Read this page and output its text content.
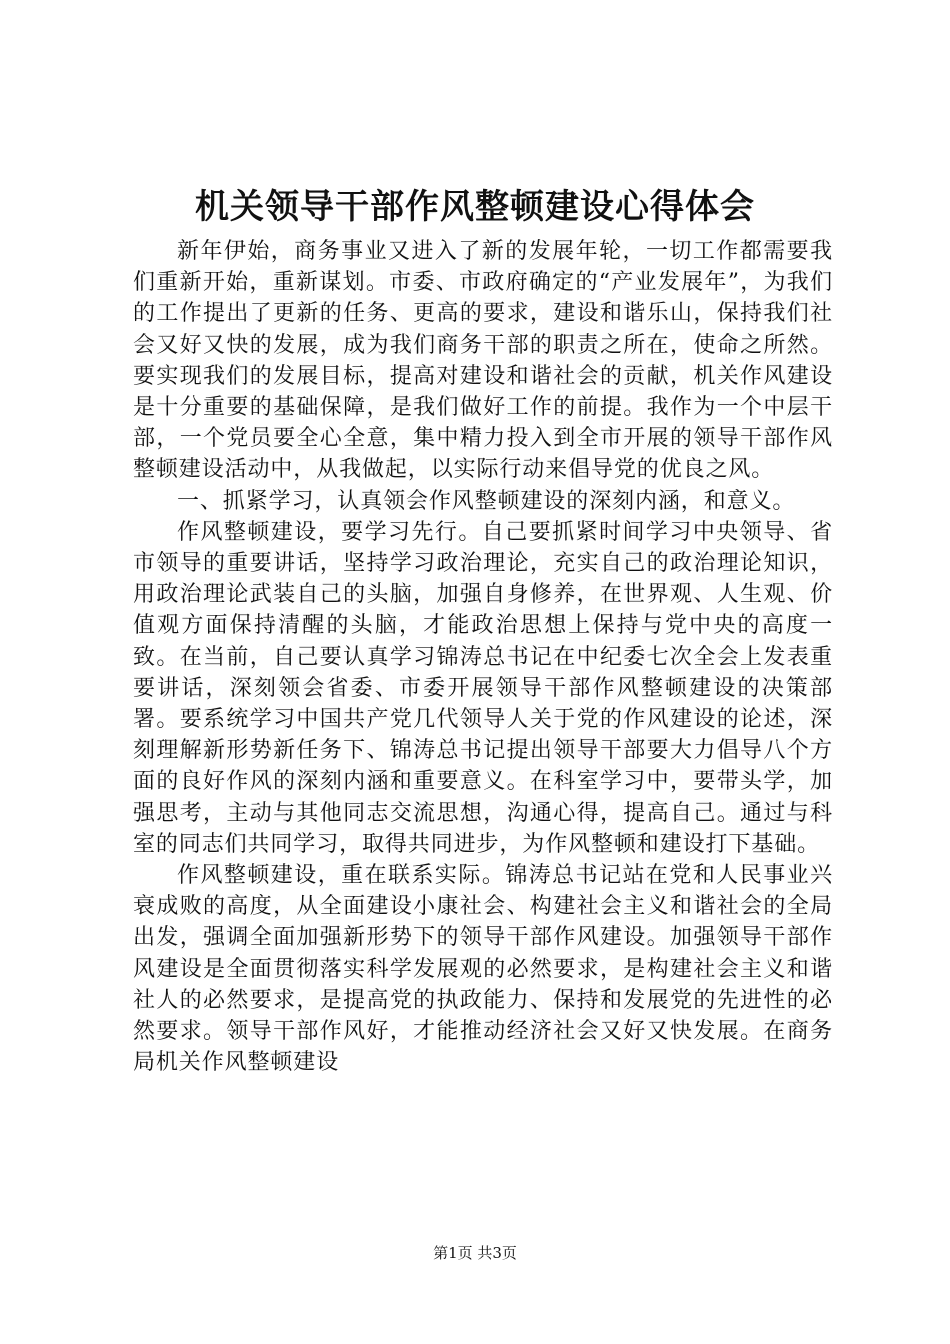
机关领导干部作风整顿建设心得体会

新年伊始，商务事业又进入了新的发展年轮，一切工作都需要我们重新开始，重新谋划。市委、市政府确定的“产业发展年”，为我们的工作提出了更新的任务、更高的要求，建设和谐乐山，保持我们社会又好又快的发展，成为我们商务干部的职责之所在，使命之所然。要实现我们的发展目标，提高对建设和谐社会的贡献，机关作风建设是十分重要的基础保障，是我们做好工作的前提。我作为一个中层干部，一个党员要全心全意，集中精力投入到全市开展的领导干部作风整顿建设活动中，从我做起，以实际行动来倡导党的优良之风。

一、抓紧学习，认真领会作风整顿建设的深刻内涵，和意义。

作风整顿建设，要学习先行。自己要抓紧时间学习中央领导、省市领导的重要讲话，坚持学习政治理论，充实自己的政治理论知识，用政治理论武装自己的头脑，加强自身修养，在世界观、人生观、价值观方面保持清醒的头脑，才能政治思想上保持与党中央的高度一致。在当前，自己要认真学习锦涛总书记在中纪委七次全会上发表重要讲话，深刻领会省委、市委开展领导干部作风整顿建设的决策部署。要系统学习中国共产党几代领导人关于党的作风建设的论述，深刻理解新形势新任务下、锦涛总书记提出领导干部要大力倡导八个方面的良好作风的深刻内涵和重要意义。在科室学习中，要带头学，加强思考，主动与其他同志交流思想，沟通心得，提高自己。通过与科室的同志们共同学习，取得共同进步，为作风整顿和建设打下基础。

作风整顿建设，重在联系实际。锦涛总书记站在党和人民事业兴衰成败的高度，从全面建设小康社会、构建社会主义和谐社会的全局出发，强调全面加强新形势下的领导干部作风建设。加强领导干部作风建设是全面贯彻落实科学发展观的必然要求，是构建社会主义和谐社人的必然要求，是提高党的执政能力、保持和发展党的先进性的必然要求。领导干部作风好，才能推动经济社会又好又快发展。在商务局机关作风整顿建设

第1页 共3页
